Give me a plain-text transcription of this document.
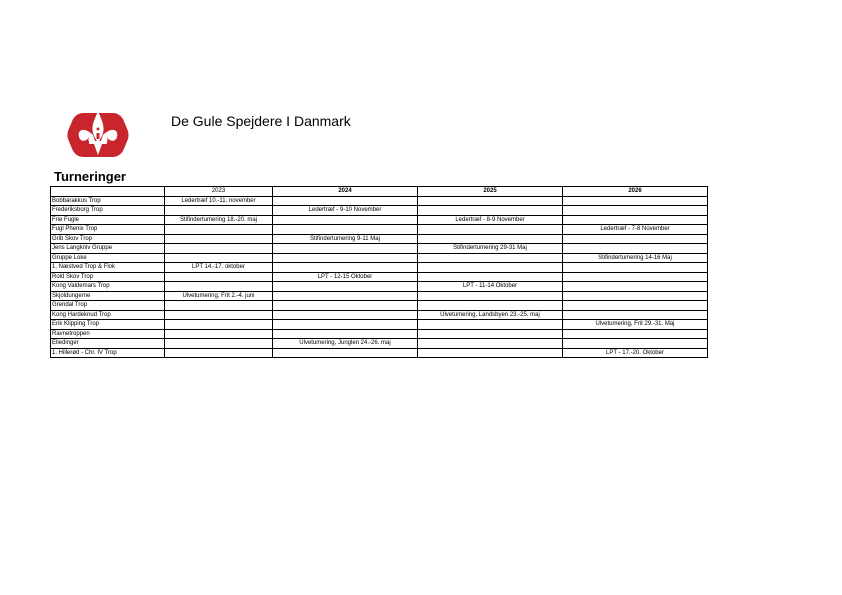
De Gule Spejdere I Danmark
Turneringer
	2023	2024	2025	2026
Bobbarakkus Trop	Ledertræf 10.-11. november			
Frederiksborg Trop		Ledertræf - 9-10 November		
Frie Fugle	Stifindertumering 18.-20. maj		Ledertræf - 8-9 November	
Fugl Phenix Trop				Ledertræf - 7-8 November
Grib Skov Trop		Stifindertumering 9-11 Maj		
Jens Langkniv Gruppe			Stifindertumering 29-31 Maj	
Gruppe Loke				Stifindertumering 14-16 Maj
1. Næstved Trop & Flok	LPT 14.-17. oktober			
Rold Skov Trop		LPT - 12-15 Oktober		
Kong Valdemars Trop			LPT - 11-14 Oktober	
Skjoldungerne	Ulvetumering, Frit 2.-4. juni			
Grendal Trop				
Kong Hardeknud Trop			Ulvetumering, Landsbyen 23.-25. maj	
Erik Klipping Trop				Ulvetumering, Frit 29.-31. Maj
Ravnetroppen				
Elledinger		Ulvetumering, Junglen 24.-26. maj		
1. Hillerød - Chr. IV Trop				LPT - 17.-20. Oktober
